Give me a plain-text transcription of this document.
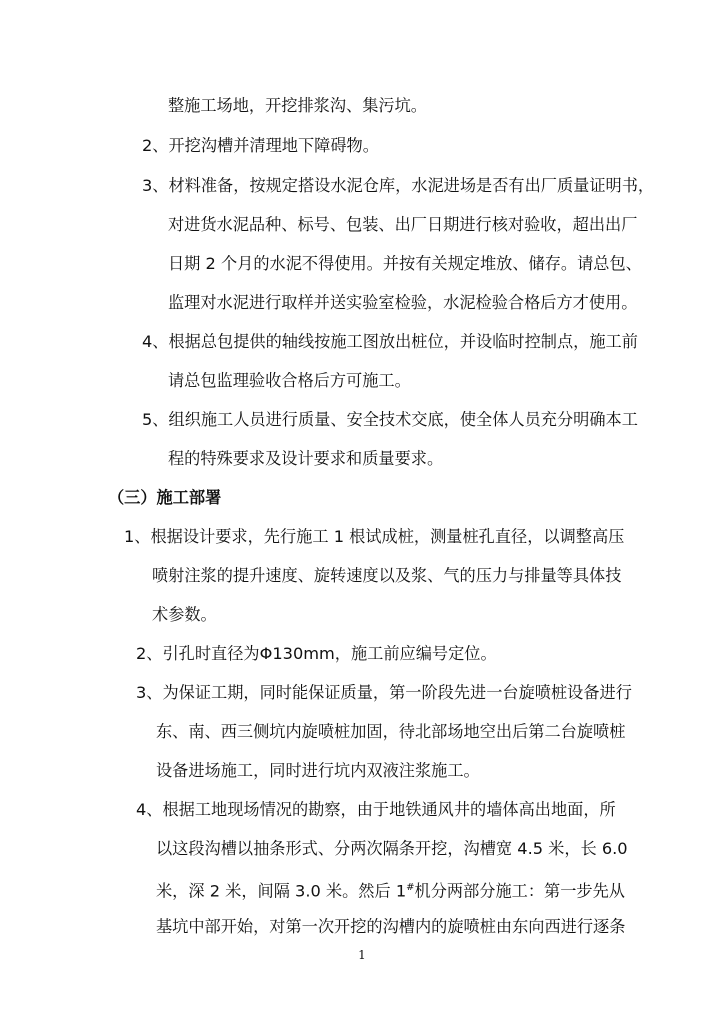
整施工场地，开挖排浆沟、集污坑。
2、开挖沟槽并清理地下障碍物。
3、材料准备，按规定搭设水泥仓库，水泥进场是否有出厂质量证明书，
对进货水泥品种、标号、包装、出厂日期进行核对验收，超出出厂
日期 2 个月的水泥不得使用。并按有关规定堆放、储存。请总包、
监理对水泥进行取样并送实验室检验，水泥检验合格后方才使用。
4、根据总包提供的轴线按施工图放出桩位，并设临时控制点，施工前
请总包监理验收合格后方可施工。
5、组织施工人员进行质量、安全技术交底，使全体人员充分明确本工
程的特殊要求及设计要求和质量要求。
（三）施工部署
1、根据设计要求，先行施工 1 根试成桩，测量桩孔直径，以调整高压
喷射注浆的提升速度、旋转速度以及浆、气的压力与排量等具体技
术参数。
2、引孔时直径为Φ130mm，施工前应编号定位。
3、为保证工期，同时能保证质量，第一阶段先进一台旋喷桩设备进行
东、南、西三侧坑内旋喷桩加固，待北部场地空出后第二台旋喷桩
设备进场施工，同时进行坑内双液注浆施工。
4、根据工地现场情况的勘察，由于地铁通风井的墙体高出地面，所
以这段沟槽以抽条形式、分两次隔条开挖，沟槽宽 4.5 米，长 6.0
米，深 2 米，间隔 3.0 米。然后 1#机分两部分施工：第一步先从
基坑中部开始，对第一次开挖的沟槽内的旋喷桩由东向西进行逐条
1
